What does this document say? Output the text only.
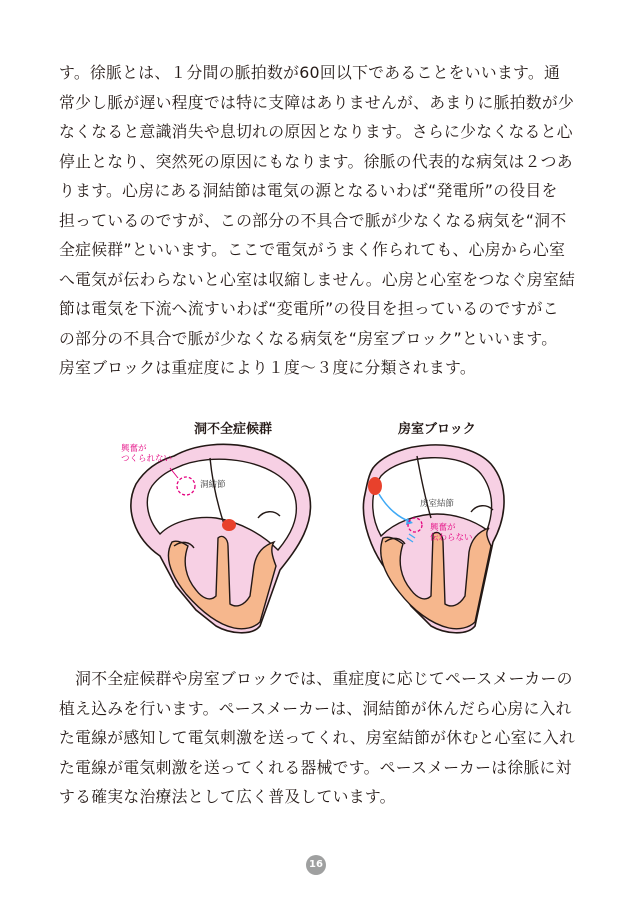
す。徐脈とは、１分間の脈拍数が60回以下であることをいいます。通
常少し脈が遅い程度では特に支障はありませんが、あまりに脈拍数が少
なくなると意識消失や息切れの原因となります。さらに少なくなると心
停止となり、突然死の原因にもなります。徐脈の代表的な病気は２つあ
ります。心房にある洞結節は電気の源となるいわば“発電所”の役目を
担っているのですが、この部分の不具合で脈が少なくなる病気を“洞不
全症候群”といいます。ここで電気がうまく作られても、心房から心室
へ電気が伝わらないと心室は収縮しません。心房と心室をつなぐ房室結
節は電気を下流へ流すいわば“変電所”の役目を担っているのですがこ
の部分の不具合で脈が少なくなる病気を“房室ブロック”といいます。
房室ブロックは重症度により１度〜３度に分類されます。

洞不全症候群	房室ブロック

興奮が

つくられない

洞結節

房室結節

興奮が

伝わらない

　洞不全症候群や房室ブロックでは、重症度に応じてペースメーカーの
植え込みを行います。ペースメーカーは、洞結節が休んだら心房に入れ
た電線が感知して電気刺激を送ってくれ、房室結節が休むと心室に入れ
た電線が電気刺激を送ってくれる器械です。ペースメーカーは徐脈に対
する確実な治療法として広く普及しています。
16
